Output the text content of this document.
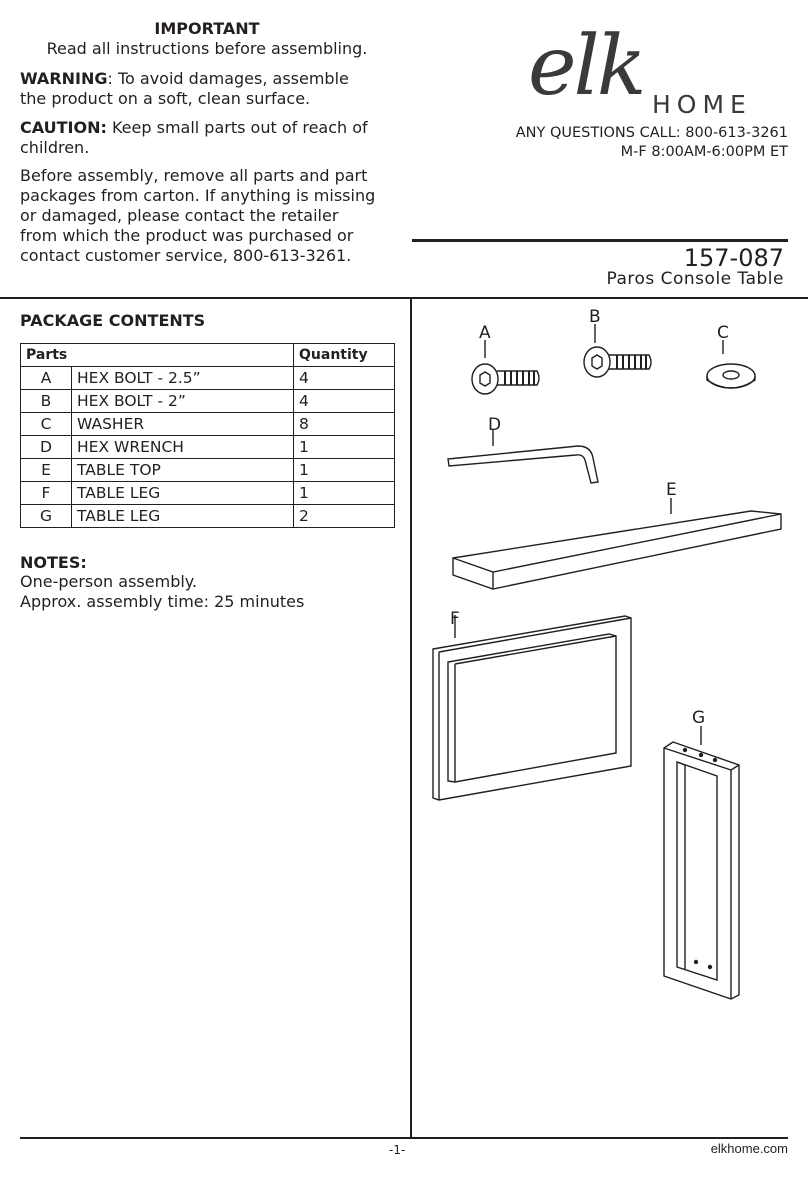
IMPORTANT
Read all instructions before assembling.
WARNING: To avoid damages, assemble the product on a soft, clean surface.
CAUTION: Keep small parts out of reach of children.
Before assembly, remove all parts and part packages from carton. If anything is missing or damaged, please contact the retailer from which the product was purchased or contact customer service, 800-613-3261.
elk HOME
ANY QUESTIONS CALL: 800-613-3261
M-F 8:00AM-6:00PM ET
157-087
Paros Console Table
PACKAGE CONTENTS
Parts		Quantity
A	HEX BOLT - 2.5”	4
B	HEX BOLT - 2”	4
C	WASHER	8
D	HEX WRENCH	1
E	TABLE TOP	1
F	TABLE LEG	1
G	TABLE LEG	2
NOTES:
One-person assembly.
Approx. assembly time: 25 minutes
A
B
C
D
E
F
G
-1-	elkhome.com
